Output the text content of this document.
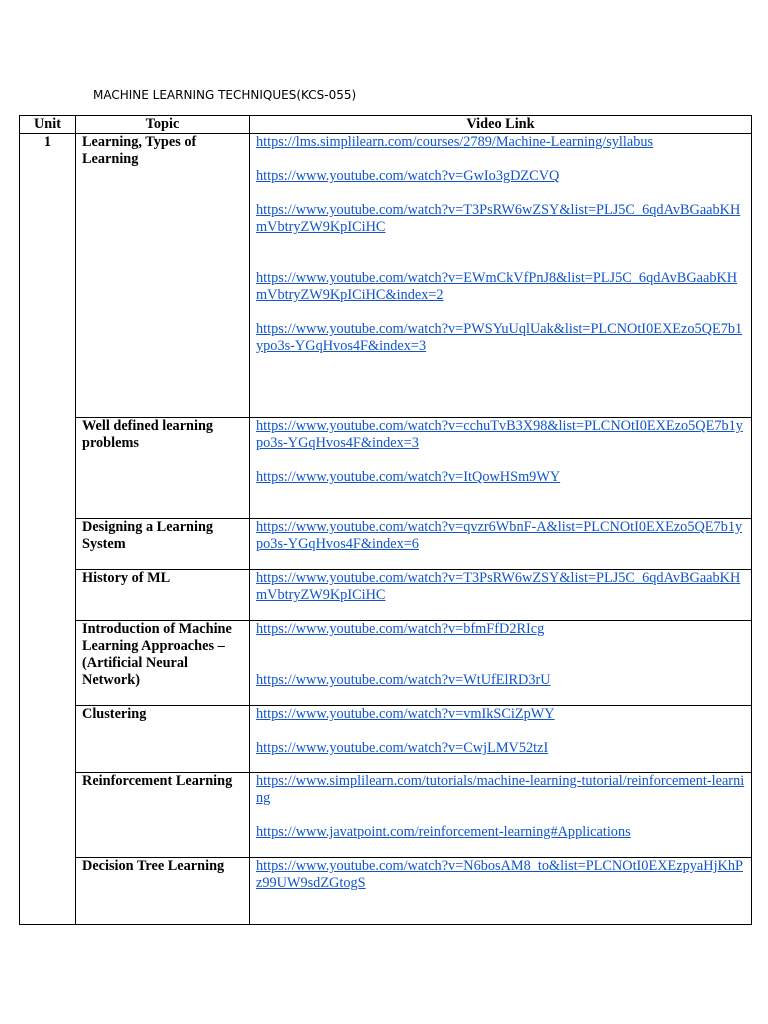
MACHINE LEARNING TECHNIQUES(KCS-055)
Unit	Topic	Video Link
1	Learning, Types of Learning	https://lms.simplilearn.com/courses/2789/Machine-Learning/syllabus
https://www.youtube.com/watch?v=GwIo3gDZCVQ
https://www.youtube.com/watch?v=T3PsRW6wZSY&list=PLJ5C_6qdAvBGaabKHmVbtryZW9KpICiHC
https://www.youtube.com/watch?v=EWmCkVfPnJ8&list=PLJ5C_6qdAvBGaabKHmVbtryZW9KpICiHC&index=2
https://www.youtube.com/watch?v=PWSYuUqlUak&list=PLCNOtI0EXEzo5QE7b1ypo3s-YGqHvos4F&index=3

	Well defined learning problems	https://www.youtube.com/watch?v=cchuTvB3X98&list=PLCNOtI0EXEzo5QE7b1ypo3s-YGqHvos4F&index=3
https://www.youtube.com/watch?v=ItQowHSm9WY

	Designing a Learning System	https://www.youtube.com/watch?v=qvzr6WbnF-A&list=PLCNOtI0EXEzo5QE7b1ypo3s-YGqHvos4F&index=6

	History of ML	https://www.youtube.com/watch?v=T3PsRW6wZSY&list=PLJ5C_6qdAvBGaabKHmVbtryZW9KpICiHC

	Introduction of Machine Learning Approaches – (Artificial Neural Network)	https://www.youtube.com/watch?v=bfmFfD2RIcg
https://www.youtube.com/watch?v=WtUfElRD3rU

	Clustering	https://www.youtube.com/watch?v=vmIkSCiZpWY
https://www.youtube.com/watch?v=CwjLMV52tzI

	Reinforcement Learning	https://www.simplilearn.com/tutorials/machine-learning-tutorial/reinforcement-learning
https://www.javatpoint.com/reinforcement-learning#Applications

	Decision Tree Learning	https://www.youtube.com/watch?v=N6bosAM8_to&list=PLCNOtI0EXEzpyaHjKhPz99UW9sdZGtogS
